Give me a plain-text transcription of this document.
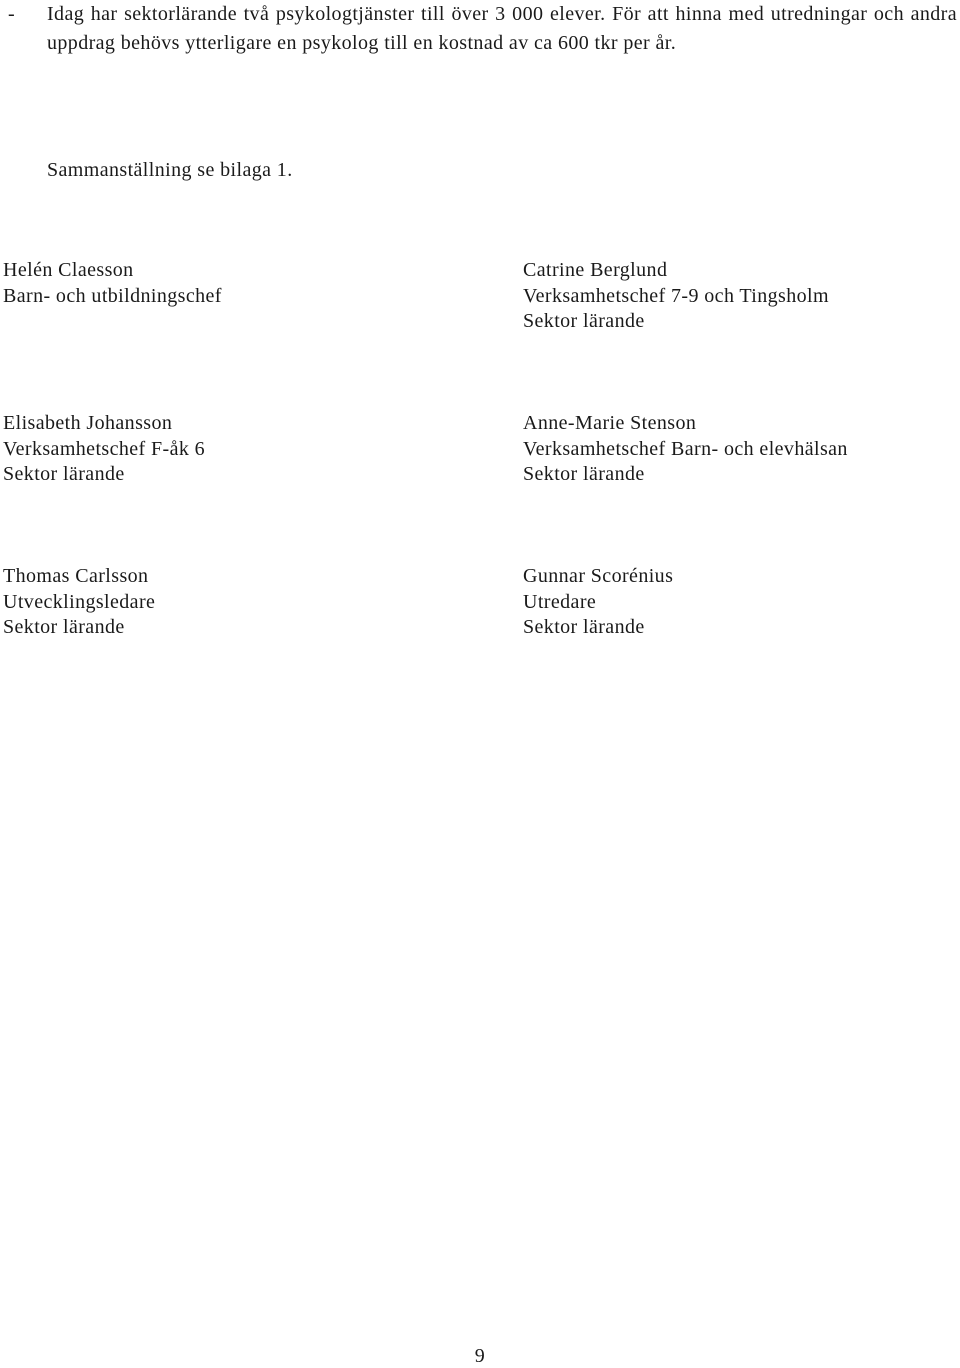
- Idag har sektorlärande två psykologtjänster till över 3 000 elever. För att hinna med utredningar och andra uppdrag behövs ytterligare en psykolog till en kostnad av ca 600 tkr per år.
Sammanställning se bilaga 1.
Helén Claesson
Barn- och utbildningschef
Catrine Berglund
Verksamhetschef 7-9 och Tingsholm
Sektor lärande
Elisabeth Johansson
Verksamhetschef F-åk 6
Sektor lärande
Anne-Marie Stenson
Verksamhetschef Barn- och elevhälsan
Sektor lärande
Thomas Carlsson
Utvecklingsledare
Sektor lärande
Gunnar Scorénius
Utredare
Sektor lärande
9
